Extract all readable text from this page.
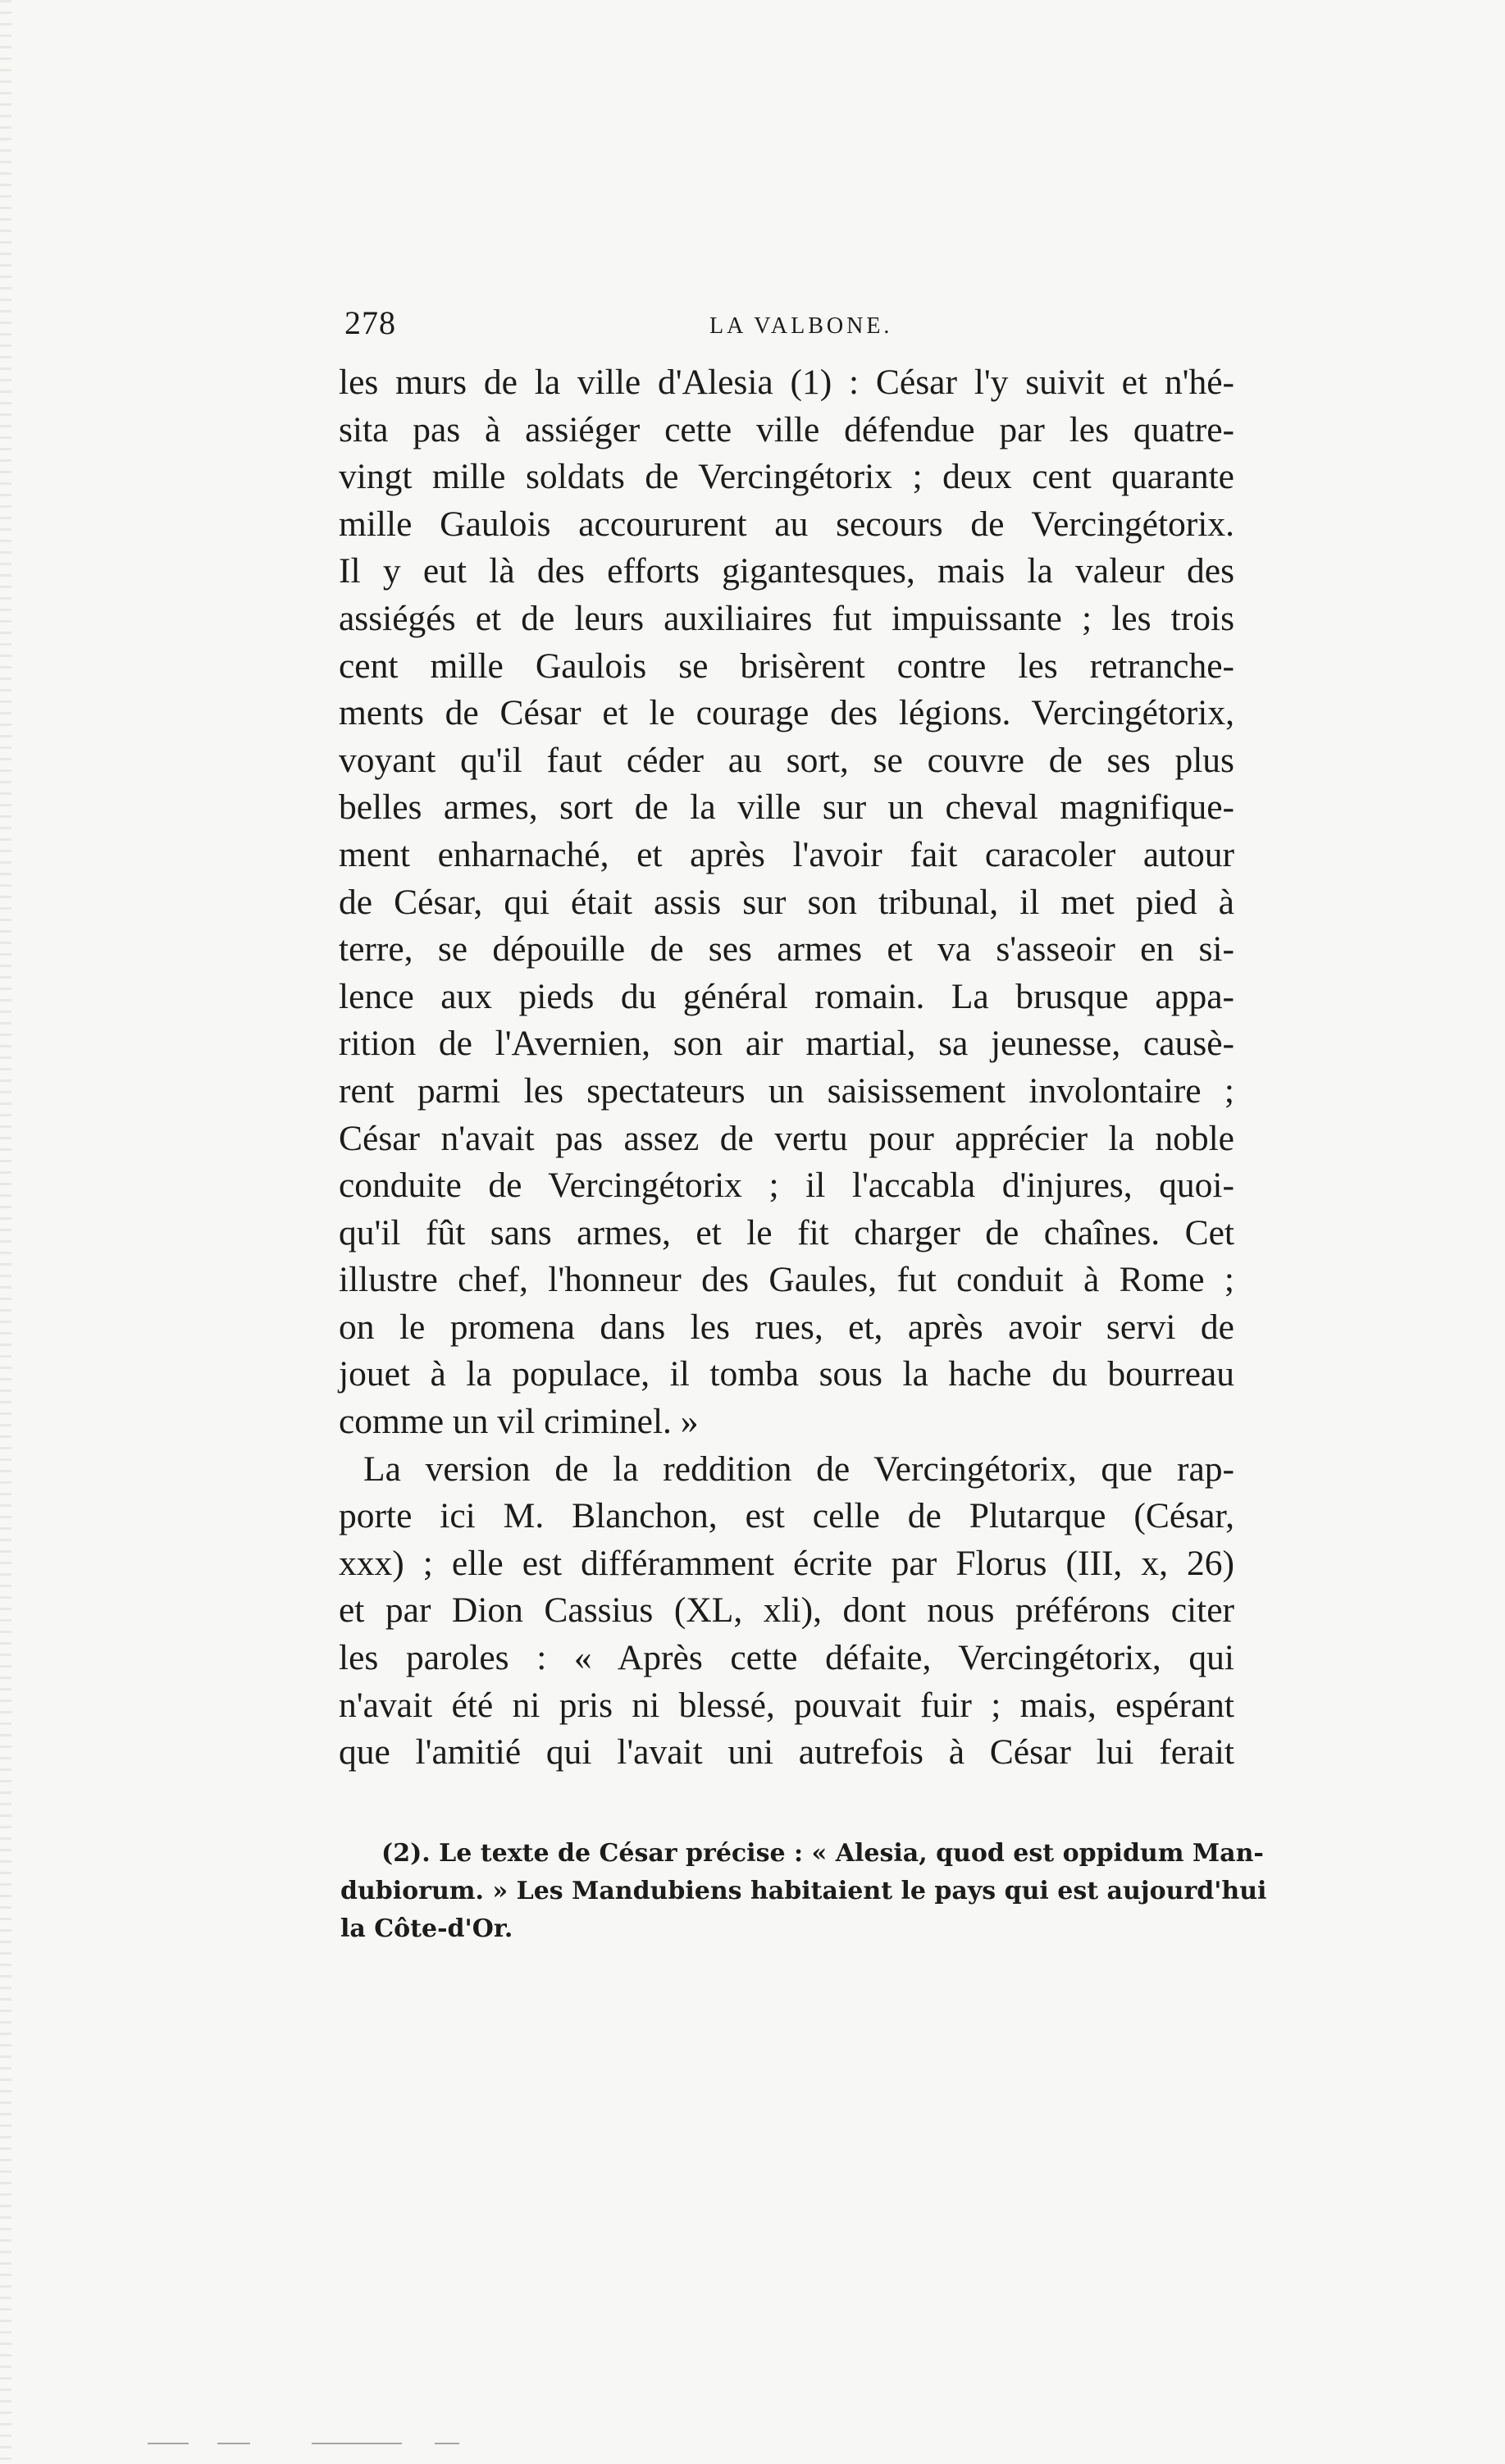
278	LA VALBONE.

les murs de la ville d'Alesia (1) : César l'y suivit et n'hé-
sita pas à assiéger cette ville défendue par les quatre-
vingt mille soldats de Vercingétorix ; deux cent quarante
mille Gaulois accoururent au secours de Vercingétorix.
Il y eut là des efforts gigantesques, mais la valeur des
assiégés et de leurs auxiliaires fut impuissante ; les trois
cent mille Gaulois se brisèrent contre les retranche-
ments de César et le courage des légions. Vercingétorix,
voyant qu'il faut céder au sort, se couvre de ses plus
belles armes, sort de la ville sur un cheval magnifique-
ment enharnaché, et après l'avoir fait caracoler autour
de César, qui était assis sur son tribunal, il met pied à
terre, se dépouille de ses armes et va s'asseoir en si-
lence aux pieds du général romain. La brusque appa-
rition de l'Avernien, son air martial, sa jeunesse, causè-
rent parmi les spectateurs un saisissement involontaire ;
César n'avait pas assez de vertu pour apprécier la noble
conduite de Vercingétorix ; il l'accabla d'injures, quoi-
qu'il fût sans armes, et le fit charger de chaînes. Cet
illustre chef, l'honneur des Gaules, fut conduit à Rome ;
on le promena dans les rues, et, après avoir servi de
jouet à la populace, il tomba sous la hache du bourreau
comme un vil criminel. »
La version de la reddition de Vercingétorix, que rap-
porte ici M. Blanchon, est celle de Plutarque (César,
xxx) ; elle est différamment écrite par Florus (III, x, 26)
et par Dion Cassius (XL, xli), dont nous préférons citer
les paroles : « Après cette défaite, Vercingétorix, qui
n'avait été ni pris ni blessé, pouvait fuir ; mais, espérant
que l'amitié qui l'avait uni autrefois à César lui ferait

(2). Le texte de César précise : « Alesia, quod est oppidum Man-
dubiorum. » Les Mandubiens habitaient le pays qui est aujourd'hui
la Côte-d'Or.
